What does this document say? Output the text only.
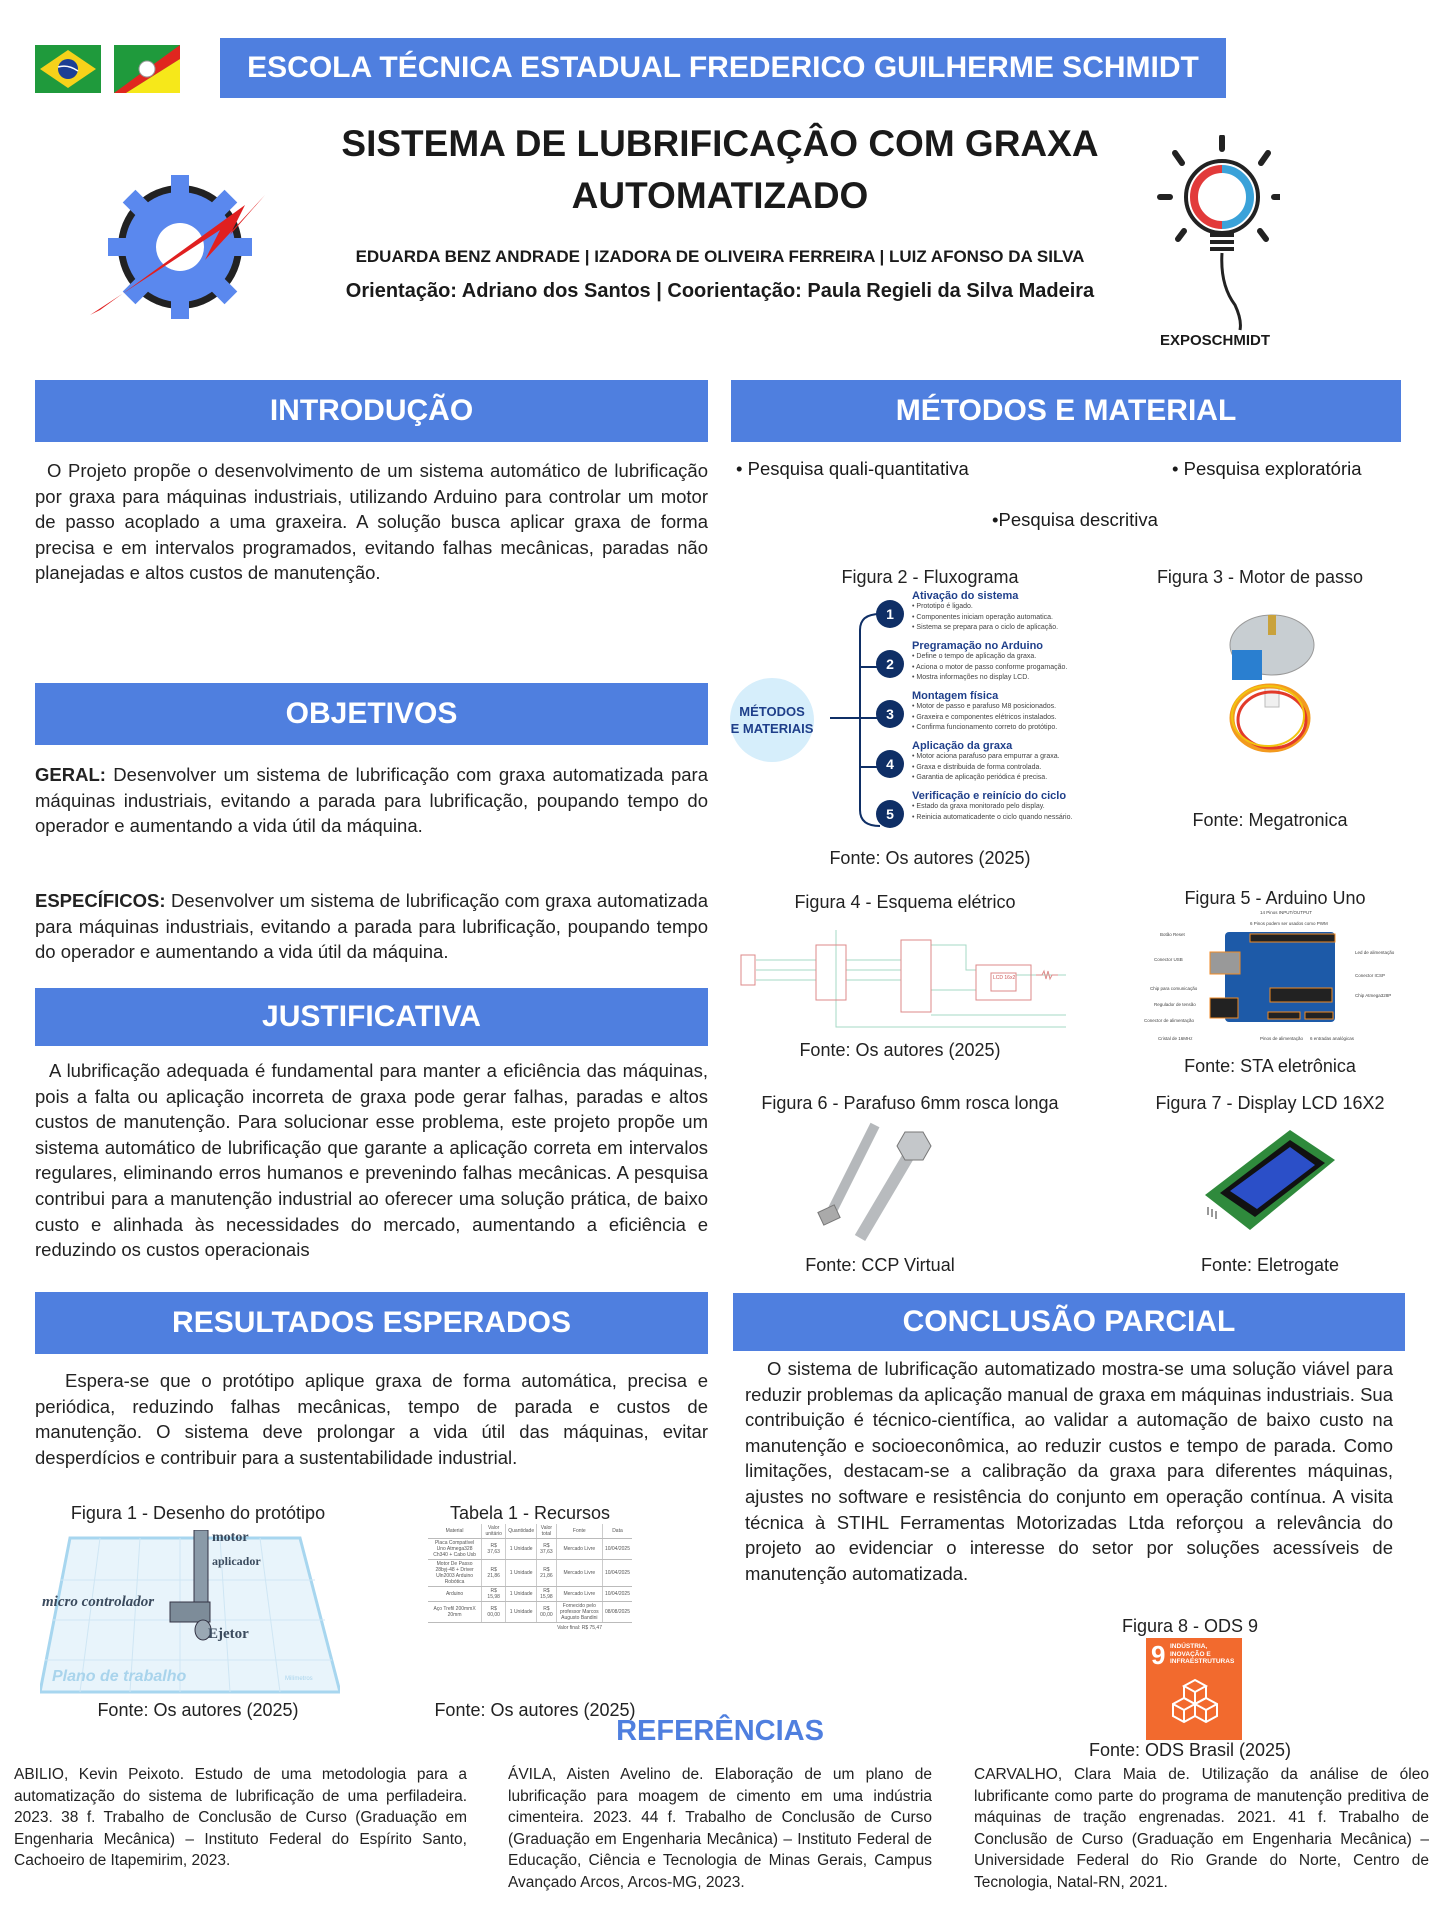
ESCOLA TÉCNICA ESTADUAL FREDERICO GUILHERME SCHMIDT
SISTEMA DE LUBRIFICAÇÂO COM GRAXA
AUTOMATIZADO
EDUARDA BENZ ANDRADE | IZADORA DE OLIVEIRA FERREIRA | LUIZ AFONSO DA SILVA
Orientação: Adriano dos Santos | Coorientação: Paula Regieli da Silva Madeira
EXPOSCHMIDT
INTRODUÇÃO
O Projeto propõe o desenvolvimento de um sistema automático de lubrificação por graxa para máquinas industriais, utilizando Arduino para controlar um motor de passo acoplado a uma graxeira. A solução busca aplicar graxa de forma precisa e em intervalos programados, evitando falhas mecânicas, paradas não planejadas e altos custos de manutenção.
OBJETIVOS
GERAL: Desenvolver um sistema de lubrificação com graxa automatizada para máquinas industriais, evitando a parada para lubrificação, poupando tempo do operador e aumentando a vida útil da máquina.
ESPECÍFICOS: Desenvolver um sistema de lubrificação com graxa automatizada para máquinas industriais, evitando a parada para lubrificação, poupando tempo do operador e aumentando a vida útil da máquina.
JUSTIFICATIVA
A lubrificação adequada é fundamental para manter a eficiência das máquinas, pois a falta ou aplicação incorreta de graxa pode gerar falhas, paradas e altos custos de manutenção. Para solucionar esse problema, este projeto propõe um sistema automático de lubrificação que garante a aplicação correta em intervalos regulares, eliminando erros humanos e prevenindo falhas mecânicas. A pesquisa contribui para a manutenção industrial ao oferecer uma solução prática, de baixo custo e alinhada às necessidades do mercado, aumentando a eficiência e reduzindo os custos operacionais
RESULTADOS ESPERADOS
Espera-se que o protótipo aplique graxa de forma automática, precisa e periódica, reduzindo falhas mecânicas, tempo de parada e custos de manutenção. O sistema deve prolongar a vida útil das máquinas, evitar desperdícios e contribuir para a sustentabilidade industrial.
Figura 1 - Desenho do protótipo
motor
aplicador
micro controlador
Ejetor
Plano de trabalho	Milímetros
Fonte: Os autores (2025)
Tabela 1 - Recursos
Material	Valor unitário	Quantidade	Valor total	Fonte	Data
Placa Compatível Uno Atmega328 Ch340 + Cabo Usb	R$ 37,63	1 Unidade	R$ 37,63	Mercado Livre	10/04/2025
Motor De Passo 28byj-48 + Driver Uln2003 Arduino Robótica	R$ 21,86	1 Unidade	R$ 21,86	Mercado Livre	10/04/2025
Arduino	R$ 15,98	1 Unidade	R$ 15,98	Mercado Livre	10/04/2025
Aço Trefil 200mmX 20mm	R$ 00,00	1 Unidade	R$ 00,00	Fornecido pelo professor Marcos Augusto Bandini	08/08/2025
Valor final: R$ 75,47
Fonte: Os autores (2025)
MÉTODOS E MATERIAL
• Pesquisa quali-quantitativa	• Pesquisa exploratória
•Pesquisa descritiva
Figura 2 - Fluxograma
MÉTODOS
E MATERIAIS
1
Ativação do sistema
• Prototipo é ligado.
• Componentes iniciam operação automatica.
• Sistema se prepara para o ciclo de aplicação.
2
Pregramação no Arduino
• Define o tempo de aplicação da graxa.
• Aciona o motor de passo conforme progamação.
• Mostra informações no display LCD.
3
Montagem física
• Motor de passo e parafuso M8 posicionados.
• Graxeira e componentes elétricos instalados.
• Confirma funcionamento correto do protótipo.
4
Aplicação da graxa
• Motor aciona parafuso para empurrar a graxa.
• Graxa e distribuida de forma controlada.
• Garantia de aplicação periódica é precisa.
5
Verificação e reinício do ciclo
• Estado da graxa monitorado pelo display.
• Reinicia automaticadente o ciclo quando nessário.
Fonte: Os autores (2025)
Figura 3 - Motor de passo
Fonte: Megatronica
Figura 4 - Esquema elétrico
LCD 16x2
Fonte: Os autores (2025)
Figura 5 - Arduino Uno
14 Pinos INPUT/OUTPUT
6 Pinos podem ser usados como PWM
Botão Reset
Conector USB
Chip para comunicação
Regulador de tensão
Conector de alimentação
Cristal de 16MHz	Pinos de alimentação 6 entradas analógicas
Led de alimentação
Conector ICSP
Chip Atmega328P
Fonte: STA eletrônica
Figura 6 - Parafuso 6mm rosca longa
Fonte: CCP Virtual
Figura 7 - Display LCD 16X2
Fonte: Eletrogate
CONCLUSÃO PARCIAL
O sistema de lubrificação automatizado mostra-se uma solução viável para reduzir problemas da aplicação manual de graxa em máquinas industriais. Sua contribuição é técnico-científica, ao validar a automação de baixo custo na manutenção e socioeconômica, ao reduzir custos e tempo de parada. Como limitações, destacam-se a calibração da graxa para diferentes máquinas, ajustes no software e resistência do conjunto em operação contínua. A visita técnica à STIHL Ferramentas Motorizadas Ltda reforçou a relevância do projeto ao evidenciar o interesse do setor por soluções acessíveis de manutenção automatizada.
Figura 8 - ODS 9
9 INDÚSTRIA,
INOVAÇÃO E
INFRAESTRUTURAS
Fonte: ODS Brasil (2025)
REFERÊNCIAS
ABILIO, Kevin Peixoto. Estudo de uma metodologia para a automatização do sistema de lubrificação de uma perfiladeira. 2023. 38 f. Trabalho de Conclusão de Curso (Graduação em Engenharia Mecânica) – Instituto Federal do Espírito Santo, Cachoeiro de Itapemirim, 2023.
ÁVILA, Aisten Avelino de. Elaboração de um plano de lubrificação para moagem de cimento em uma indústria cimenteira. 2023. 44 f. Trabalho de Conclusão de Curso (Graduação em Engenharia Mecânica) – Instituto Federal de Educação, Ciência e Tecnologia de Minas Gerais, Campus Avançado Arcos, Arcos-MG, 2023.
CARVALHO, Clara Maia de. Utilização da análise de óleo lubrificante como parte do programa de manutenção preditiva de máquinas de tração engrenadas. 2021. 41 f. Trabalho de Conclusão de Curso (Graduação em Engenharia Mecânica) – Universidade Federal do Rio Grande do Norte, Centro de Tecnologia, Natal-RN, 2021.
